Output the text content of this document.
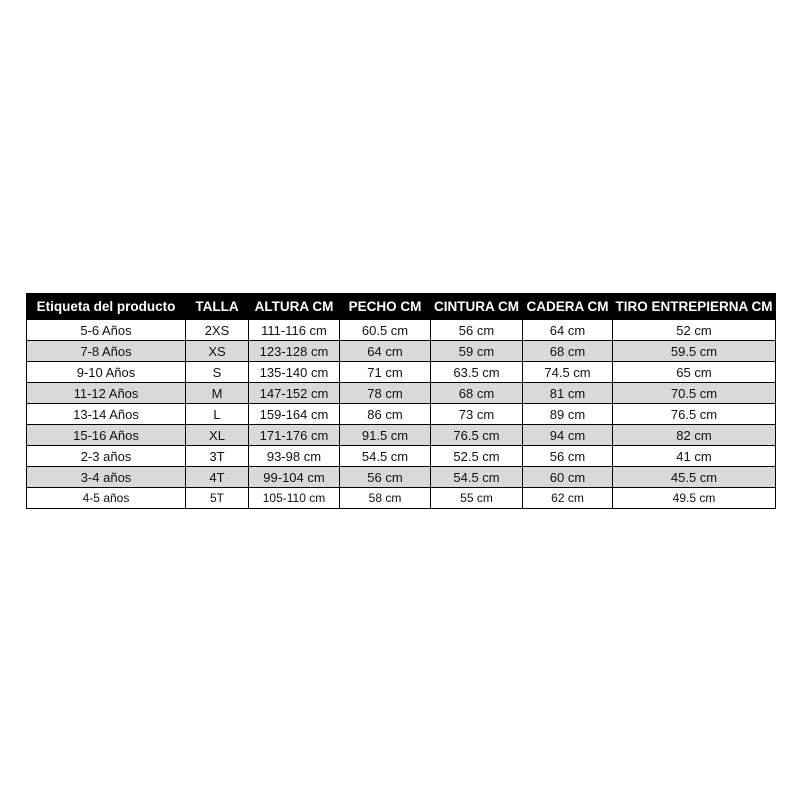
Etiqueta del producto	TALLA	ALTURA CM	PECHO CM	CINTURA CM	CADERA CM	TIRO ENTREPIERNA CM
5-6 Años	2XS	111-116 cm	60.5 cm	56 cm	64 cm	52 cm
7-8 Años	XS	123-128 cm	64 cm	59 cm	68 cm	59.5 cm
9-10 Años	S	135-140 cm	71 cm	63.5 cm	74.5 cm	65 cm
11-12 Años	M	147-152 cm	78 cm	68 cm	81 cm	70.5 cm
13-14 Años	L	159-164 cm	86 cm	73 cm	89 cm	76.5 cm
15-16 Años	XL	171-176 cm	91.5 cm	76.5 cm	94 cm	82 cm
2-3 años	3T	93-98 cm	54.5 cm	52.5 cm	56 cm	41 cm
3-4 años	4T	99-104 cm	56 cm	54.5 cm	60 cm	45.5 cm
4-5 años	5T	105-110 cm	58 cm	55 cm	62 cm	49.5 cm
